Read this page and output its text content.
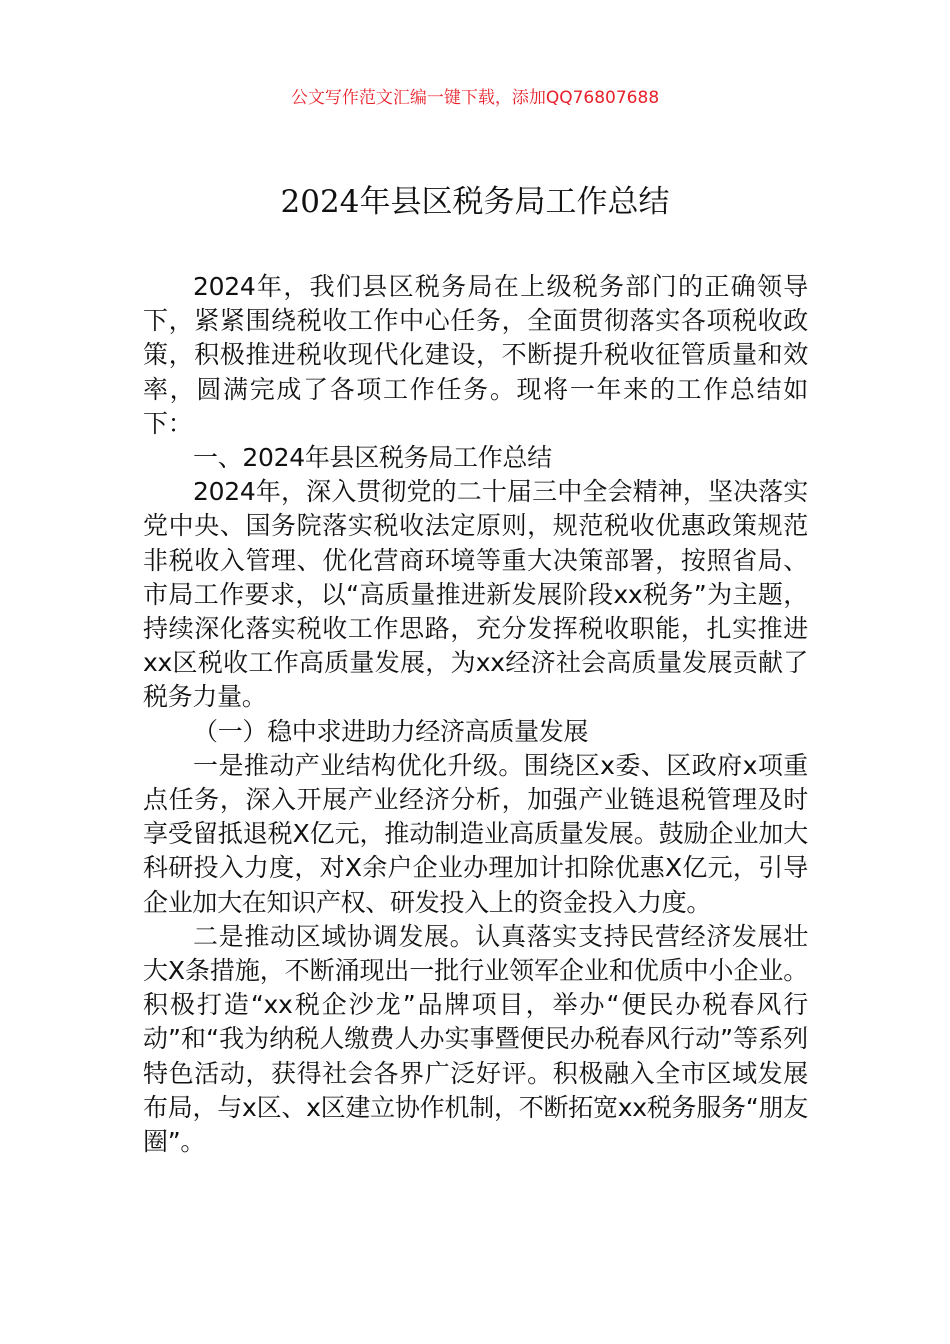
公文写作范文汇编一键下载，添加QQ76807688
2024年县区税务局工作总结

2024年，我们县区税务局在上级税务部门的正确领导下，紧紧围绕税收工作中心任务，全面贯彻落实各项税收政策，积极推进税收现代化建设，不断提升税收征管质量和效率，圆满完成了各项工作任务。现将一年来的工作总结如下：

一、2024年县区税务局工作总结

2024年，深入贯彻党的二十届三中全会精神，坚决落实党中央、国务院落实税收法定原则，规范税收优惠政策规范非税收入管理、优化营商环境等重大决策部署，按照省局、市局工作要求，以“高质量推进新发展阶段xx税务”为主题，持续深化落实税收工作思路，充分发挥税收职能，扎实推进xx区税收工作高质量发展，为xx经济社会高质量发展贡献了税务力量。

（一）稳中求进助力经济高质量发展

一是推动产业结构优化升级。围绕区x委、区政府x项重点任务，深入开展产业经济分析，加强产业链退税管理及时享受留抵退税X亿元，推动制造业高质量发展。鼓励企业加大科研投入力度，对X余户企业办理加计扣除优惠X亿元，引导企业加大在知识产权、研发投入上的资金投入力度。

二是推动区域协调发展。认真落实支持民营经济发展壮大X条措施，不断涌现出一批行业领军企业和优质中小企业。积极打造“xx税企沙龙”品牌项目，举办“便民办税春风行动”和“我为纳税人缴费人办实事暨便民办税春风行动”等系列特色活动，获得社会各界广泛好评。积极融入全市区域发展布局，与x区、x区建立协作机制，不断拓宽xx税务服务“朋友圈”。
